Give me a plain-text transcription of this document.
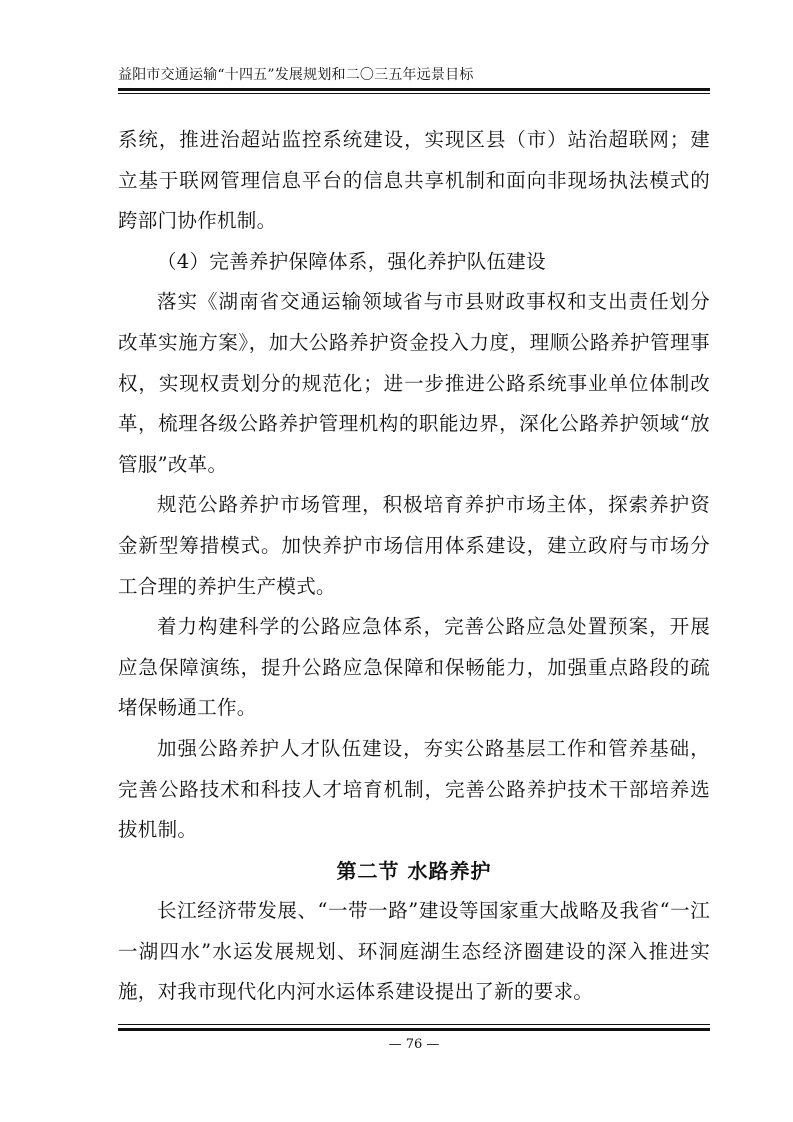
益阳市交通运输“十四五”发展规划和二〇三五年远景目标

系统，推进治超站监控系统建设，实现区县（市）站治超联网；建立基于联网管理信息平台的信息共享机制和面向非现场执法模式的跨部门协作机制。

（4）完善养护保障体系，强化养护队伍建设

落实《湖南省交通运输领域省与市县财政事权和支出责任划分改革实施方案》，加大公路养护资金投入力度，理顺公路养护管理事权，实现权责划分的规范化；进一步推进公路系统事业单位体制改革，梳理各级公路养护管理机构的职能边界，深化公路养护领域“放管服”改革。

规范公路养护市场管理，积极培育养护市场主体，探索养护资金新型筹措模式。加快养护市场信用体系建设，建立政府与市场分工合理的养护生产模式。

着力构建科学的公路应急体系，完善公路应急处置预案，开展应急保障演练，提升公路应急保障和保畅能力，加强重点路段的疏堵保畅通工作。

加强公路养护人才队伍建设，夯实公路基层工作和管养基础，完善公路技术和科技人才培育机制，完善公路养护技术干部培养选拔机制。

第二节 水路养护

长江经济带发展、“一带一路”建设等国家重大战略及我省“一江一湖四水”水运发展规划、环洞庭湖生态经济圈建设的深入推进实施，对我市现代化内河水运体系建设提出了新的要求。

— 76 —
